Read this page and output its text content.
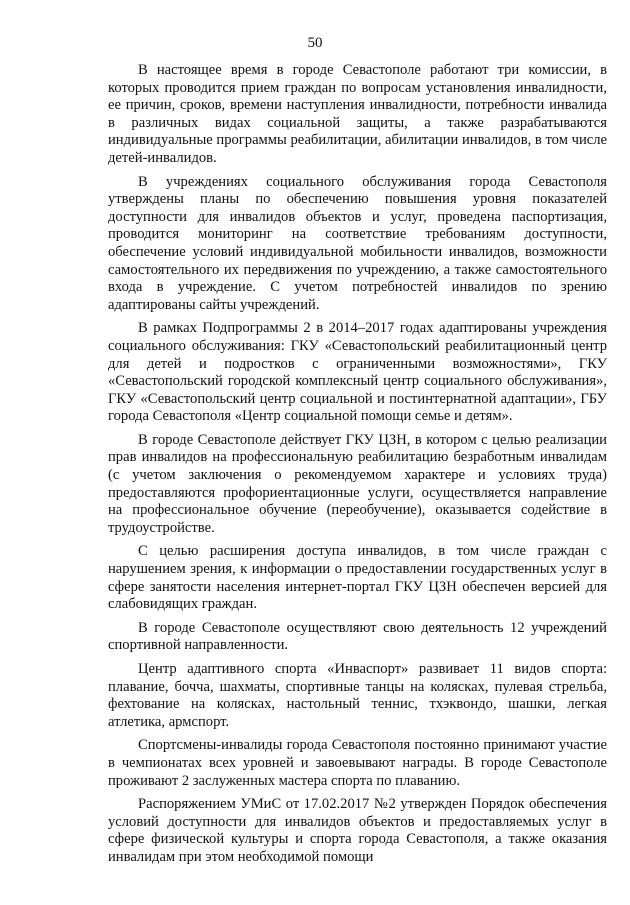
50

В настоящее время в городе Севастополе работают три комиссии, в которых проводится прием граждан по вопросам установления инвалидности, ее причин, сроков, времени наступления инвалидности, потребности инвалида в различных видах социальной защиты, а также разрабатываются индивидуальные программы реабилитации, абилитации инвалидов, в том числе детей-инвалидов.

В учреждениях социального обслуживания города Севастополя утверждены планы по обеспечению повышения уровня показателей доступности для инвалидов объектов и услуг, проведена паспортизация, проводится мониторинг на соответствие требованиям доступности, обеспечение условий индивидуальной мобильности инвалидов, возможности самостоятельного их передвижения по учреждению, а также самостоятельного входа в учреждение. С учетом потребностей инвалидов по зрению адаптированы сайты учреждений.

В рамках Подпрограммы 2 в 2014–2017 годах адаптированы учреждения социального обслуживания: ГКУ «Севастопольский реабилитационный центр для детей и подростков с ограниченными возможностями», ГКУ «Севастопольский городской комплексный центр социального обслуживания», ГКУ «Севастопольский центр социальной и постинтернатной адаптации», ГБУ города Севастополя «Центр социальной помощи семье и детям».

В городе Севастополе действует ГКУ ЦЗН, в котором с целью реализации прав инвалидов на профессиональную реабилитацию безработным инвалидам (с учетом заключения о рекомендуемом характере и условиях труда) предоставляются профориентационные услуги, осуществляется направление на профессиональное обучение (переобучение), оказывается содействие в трудоустройстве.

С целью расширения доступа инвалидов, в том числе граждан с нарушением зрения, к информации о предоставлении государственных услуг в сфере занятости населения интернет-портал ГКУ ЦЗН обеспечен версией для слабовидящих граждан.

В городе Севастополе осуществляют свою деятельность 12 учреждений спортивной направленности.

Центр адаптивного спорта «Инваспорт» развивает 11 видов спорта: плавание, бочча, шахматы, спортивные танцы на колясках, пулевая стрельба, фехтование на колясках, настольный теннис, тхэквондо, шашки, легкая атлетика, армспорт.

Спортсмены-инвалиды города Севастополя постоянно принимают участие в чемпионатах всех уровней и завоевывают награды. В городе Севастополе проживают 2 заслуженных мастера спорта по плаванию.

Распоряжением УМиС от 17.02.2017 №2 утвержден Порядок обеспечения условий доступности для инвалидов объектов и предоставляемых услуг в сфере физической культуры и спорта города Севастополя, а также оказания инвалидам при этом необходимой помощи
